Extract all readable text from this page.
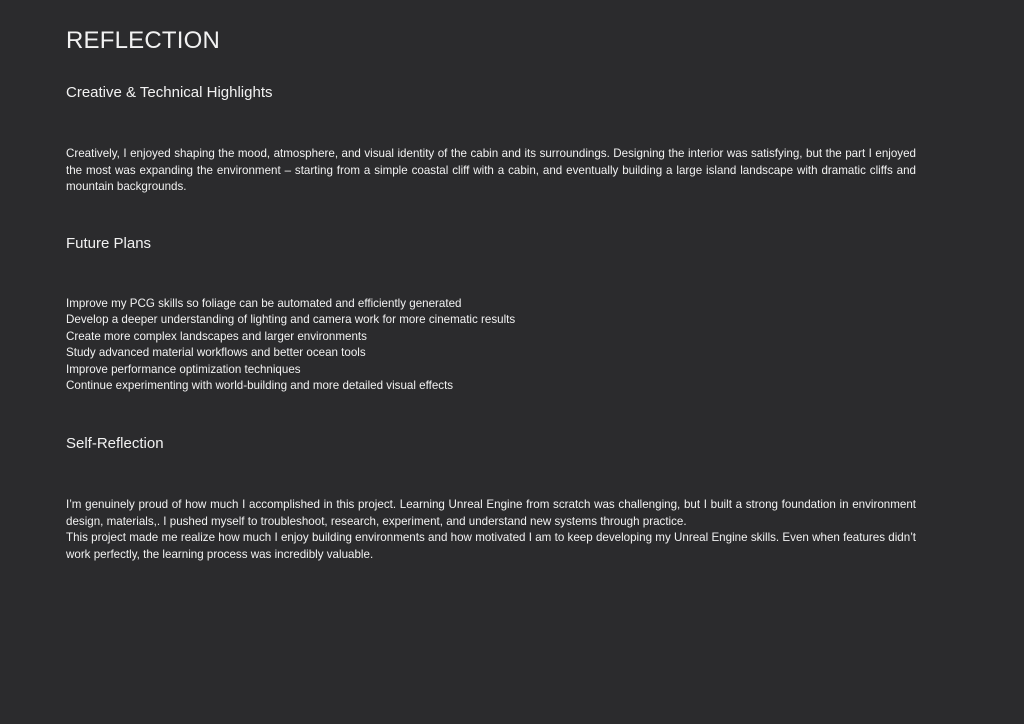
REFLECTION
Creative & Technical Highlights

Creatively, I enjoyed shaping the mood, atmosphere, and visual identity of the cabin and its surroundings. Designing the interior was satisfying, but the part I enjoyed the most was expanding the environment – starting from a simple coastal cliff with a cabin, and eventually building a large island landscape with dramatic cliffs and mountain backgrounds.

Future Plans
Improve my PCG skills so foliage can be automated and efficiently generated
Develop a deeper understanding of lighting and camera work for more cinematic results
Create more complex landscapes and larger environments
Study advanced material workflows and better ocean tools
Improve performance optimization techniques
Continue experimenting with world-building and more detailed visual effects
Self-Reflection

I’m genuinely proud of how much I accomplished in this project. Learning Unreal Engine from scratch was challenging, but I built a strong foundation in environment design, materials,. I pushed myself to troubleshoot, research, experiment, and understand new systems through practice.

This project made me realize how much I enjoy building environments and how motivated I am to keep developing my Unreal Engine skills. Even when features didn’t work perfectly, the learning process was incredibly valuable.
